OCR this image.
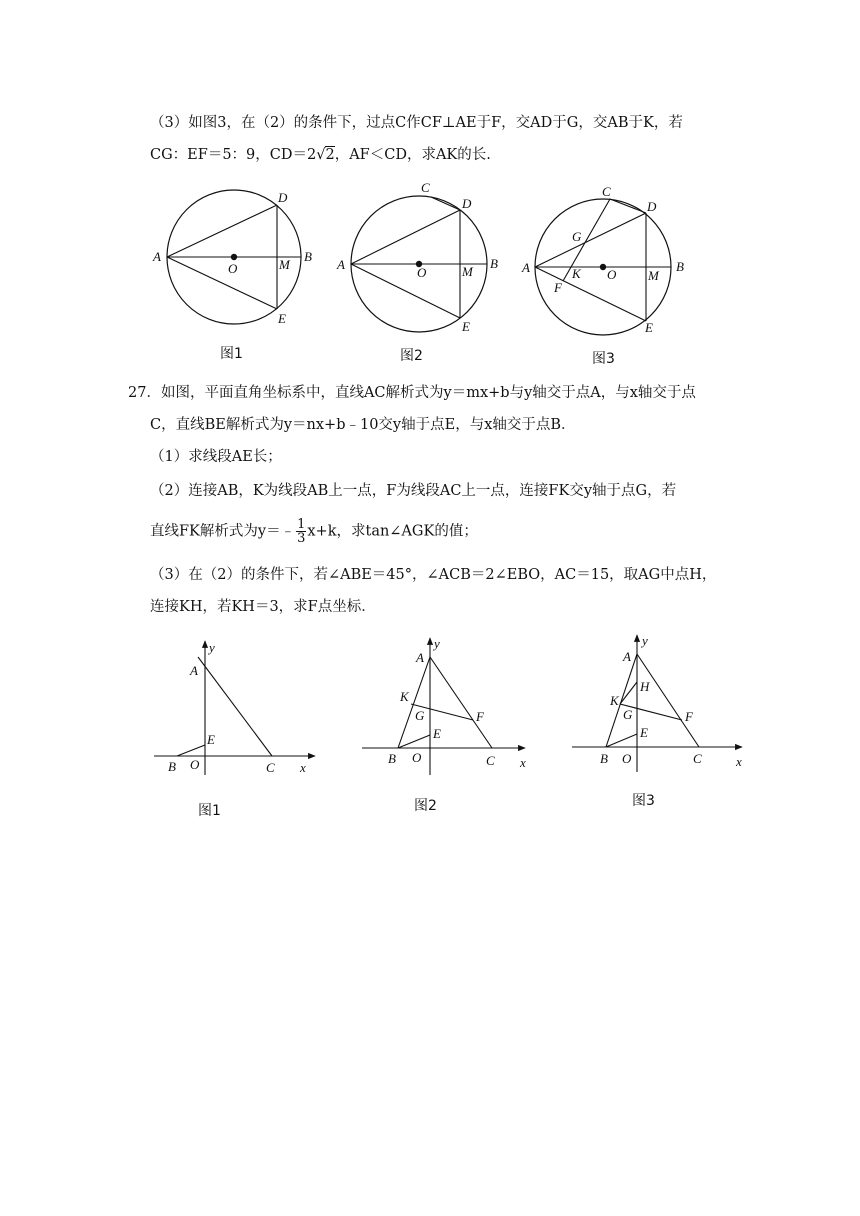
（3）如图3，在（2）的条件下，过点C作CF⊥AE于F，交AD于G，交AB于K，若
CG：EF＝5：9，CD＝2√2，AF＜CD，求AK的长.
A	B
D
E
O	M
图1
A	B
C
D
E
O	M
图2
A	B
C
D
E
O M
G
K
F
图3
27．如图，平面直角坐标系中，直线AC解析式为y＝mx+b与y轴交于点A，与x轴交于点
C，直线BE解析式为y＝nx+b﹣10交y轴于点E，与x轴交于点B．
（1）求线段AE长；
（2）连接AB，K为线段AB上一点，F为线段AC上一点，连接FK交y轴于点G，若
直线FK解析式为y＝﹣ $\frac{1}{3} x+k$，求tan∠AGK的值；
（3）在（2）的条件下，若∠ABE＝45°，∠ACB＝2∠EBO，AC＝15，取AG中点H，
连接KH，若KH＝3，求F点坐标．
y
A
E
B O	C x
图1
y
A
K
G	F
E
B O	C x
图2
y
A
H
K
G	F
E
B O	C	x
图3
